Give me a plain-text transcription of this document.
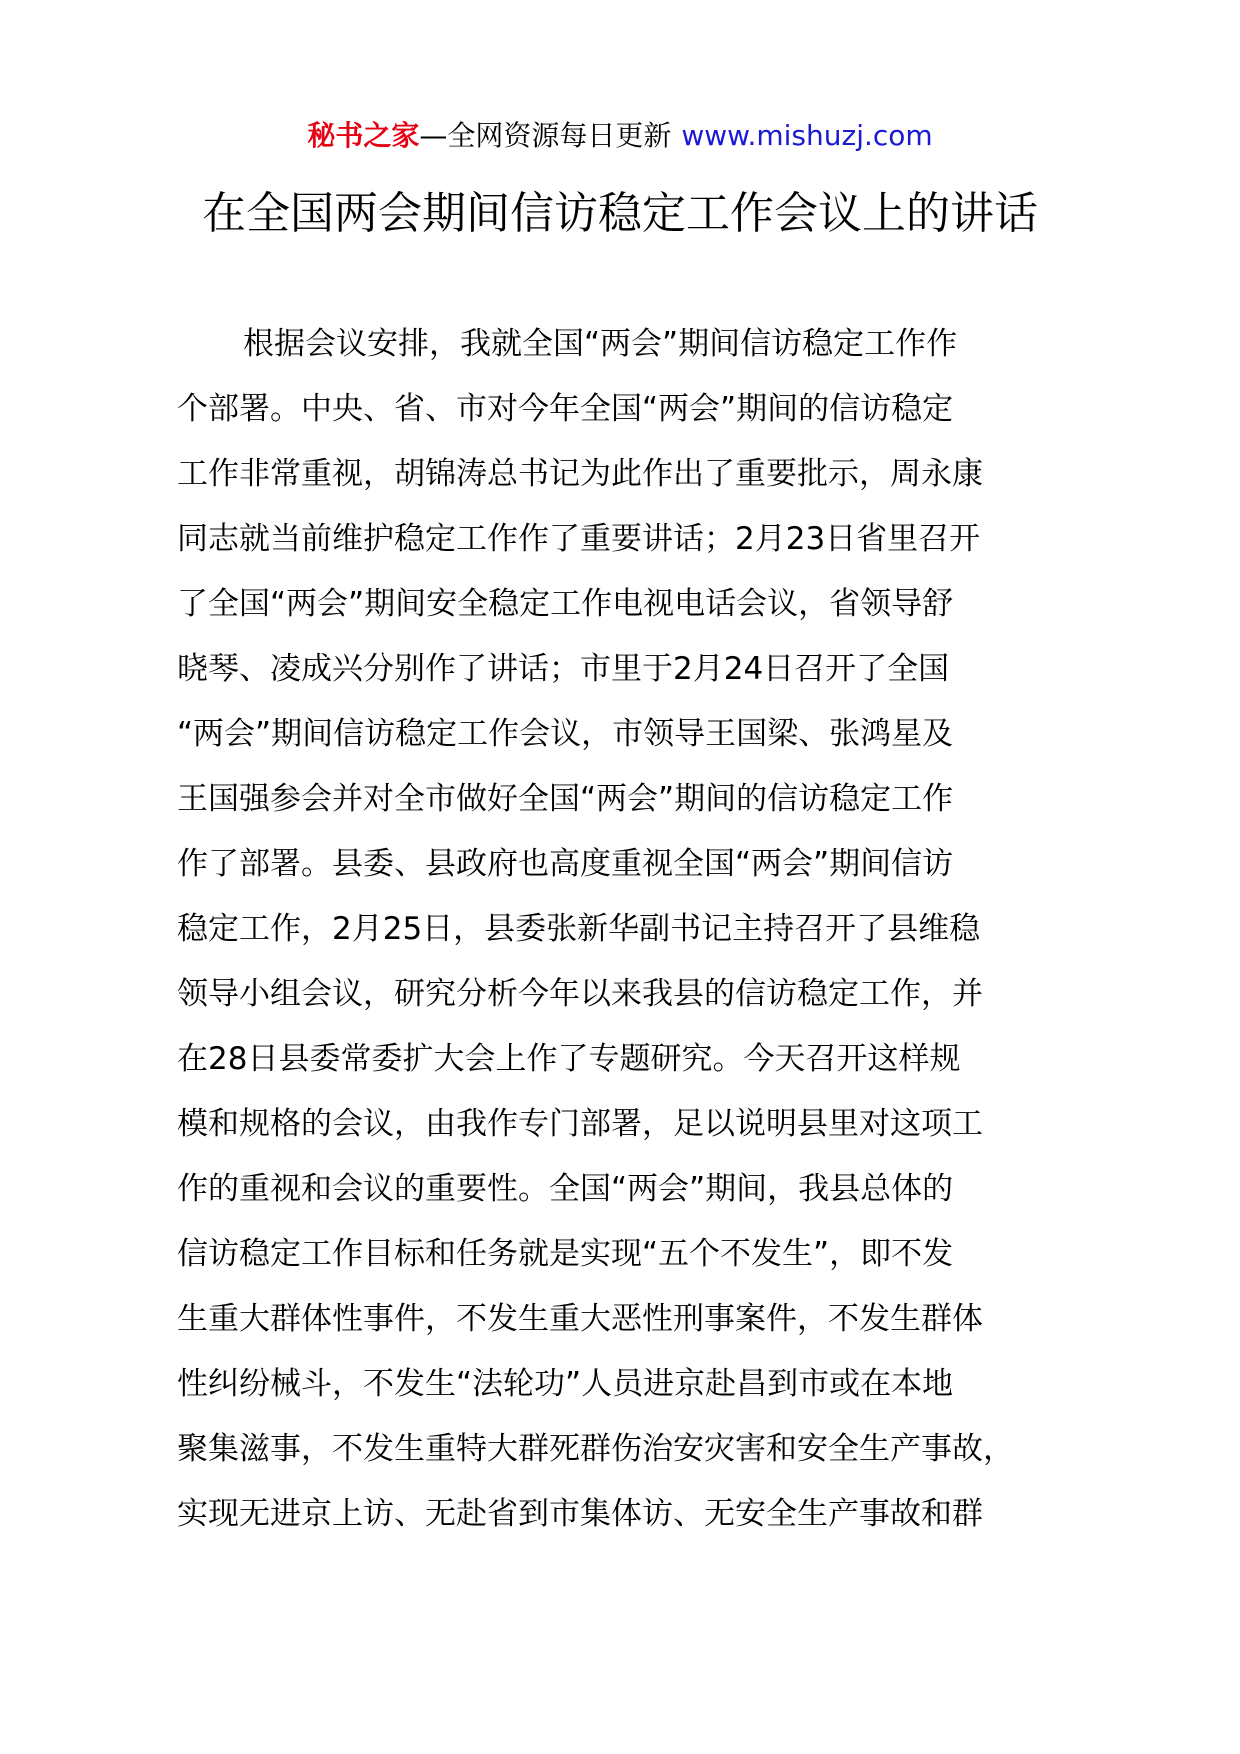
秘书之家—全网资源每日更新 www.mishuzj.com
在全国两会期间信访稳定工作会议上的讲话
根据会议安排，我就全国“两会”期间信访稳定工作作
个部署。中央、省、市对今年全国“两会”期间的信访稳定
工作非常重视，胡锦涛总书记为此作出了重要批示，周永康
同志就当前维护稳定工作作了重要讲话；2月23日省里召开
了全国“两会”期间安全稳定工作电视电话会议，省领导舒
晓琴、凌成兴分别作了讲话；市里于2月24日召开了全国
“两会”期间信访稳定工作会议，市领导王国梁、张鸿星及
王国强参会并对全市做好全国“两会”期间的信访稳定工作
作了部署。县委、县政府也高度重视全国“两会”期间信访
稳定工作，2月25日，县委张新华副书记主持召开了县维稳
领导小组会议，研究分析今年以来我县的信访稳定工作，并
在28日县委常委扩大会上作了专题研究。今天召开这样规
模和规格的会议，由我作专门部署，足以说明县里对这项工
作的重视和会议的重要性。全国“两会”期间，我县总体的
信访稳定工作目标和任务就是实现“五个不发生”，即不发
生重大群体性事件，不发生重大恶性刑事案件，不发生群体
性纠纷械斗，不发生“法轮功”人员进京赴昌到市或在本地
聚集滋事，不发生重特大群死群伤治安灾害和安全生产事故，
实现无进京上访、无赴省到市集体访、无安全生产事故和群
